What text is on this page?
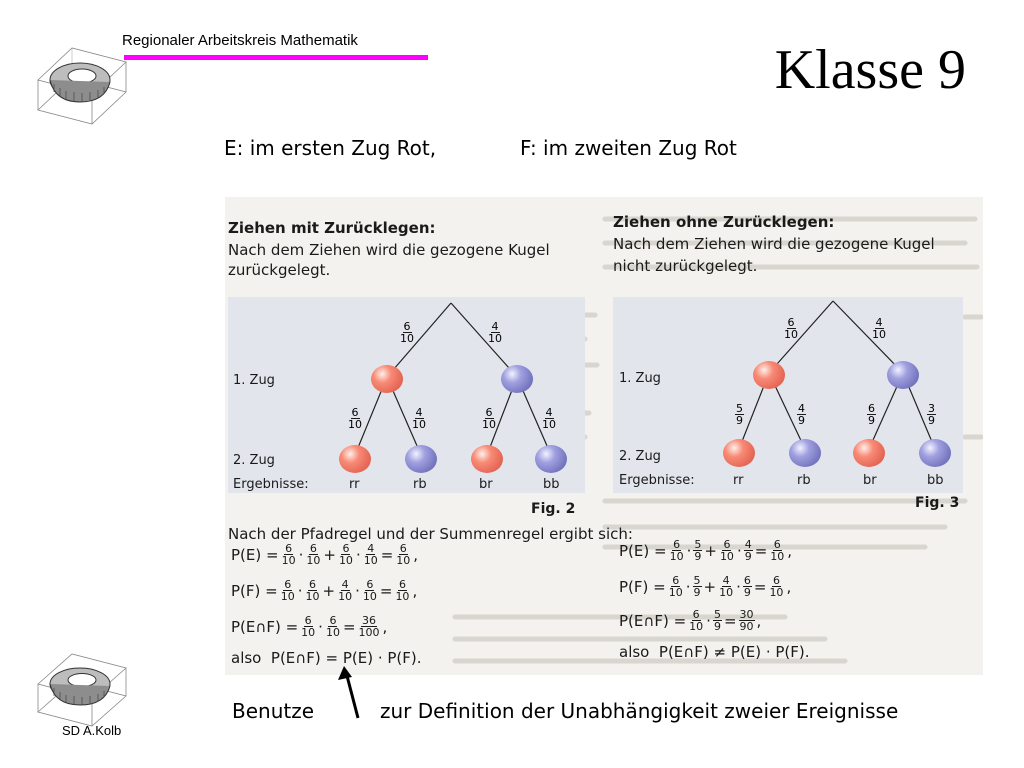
Regionaler Arbeitskreis Mathematik	Klasse 9
E: im ersten Zug Rot,	F: im zweiten Zug Rot
Ziehen mit Zurücklegen:
Nach dem Ziehen wird die gezogene Kugel
zurückgelegt.
Ziehen ohne Zurücklegen:
Nach dem Ziehen wird die gezogene Kugel
nicht zurückgelegt.
1. Zug
2. Zug
Ergebnisse:	rr	rb	br	bb
Fig. 2
$\frac{6}{10}$	$\frac{4}{10}$
$\frac{6}{10}$	$\frac{4}{10}$	$\frac{6}{10}$	$\frac{4}{10}$
1. Zug
2. Zug
Ergebnisse:	rr	rb	br	bb
Fig. 3
$\frac{6}{10}$	$\frac{4}{10}$
$\frac{5}{9}$	$\frac{4}{9}$	$\frac{6}{9}$	$\frac{3}{9}$
Nach der Pfadregel und der Summenregel ergibt sich:
$P(E) = \frac{6}{10} \cdot \frac{6}{10} + \frac{6}{10} \cdot \frac{4}{10} = \frac{6}{10}$ ,
$P(F) = \frac{6}{10} \cdot \frac{6}{10} + \frac{4}{10} \cdot \frac{6}{10} = \frac{6}{10}$ ,
P(E∩F) = $\frac{6}{10} \cdot \frac{6}{10} = \frac{36}{100}$ ,
also
P(E∩F) = P(E) · P(F).
$P(E) = \frac{6}{10} \cdot \frac{5}{9} + \frac{6}{10} \cdot \frac{4}{9} = \frac{6}{10}$ ,
$P(F) = \frac{6}{10} \cdot \frac{5}{9} + \frac{4}{10} \cdot \frac{6}{9} = \frac{6}{10}$ ,
P(E∩F) = $\frac{6}{10} \cdot \frac{5}{9} = \frac{30}{90}$ ,
also
P(E∩F) ≠ P(E) · P(F).
Benutze	zur Definition der Unabhängigkeit zweier Ereignisse
SD A.Kolb
